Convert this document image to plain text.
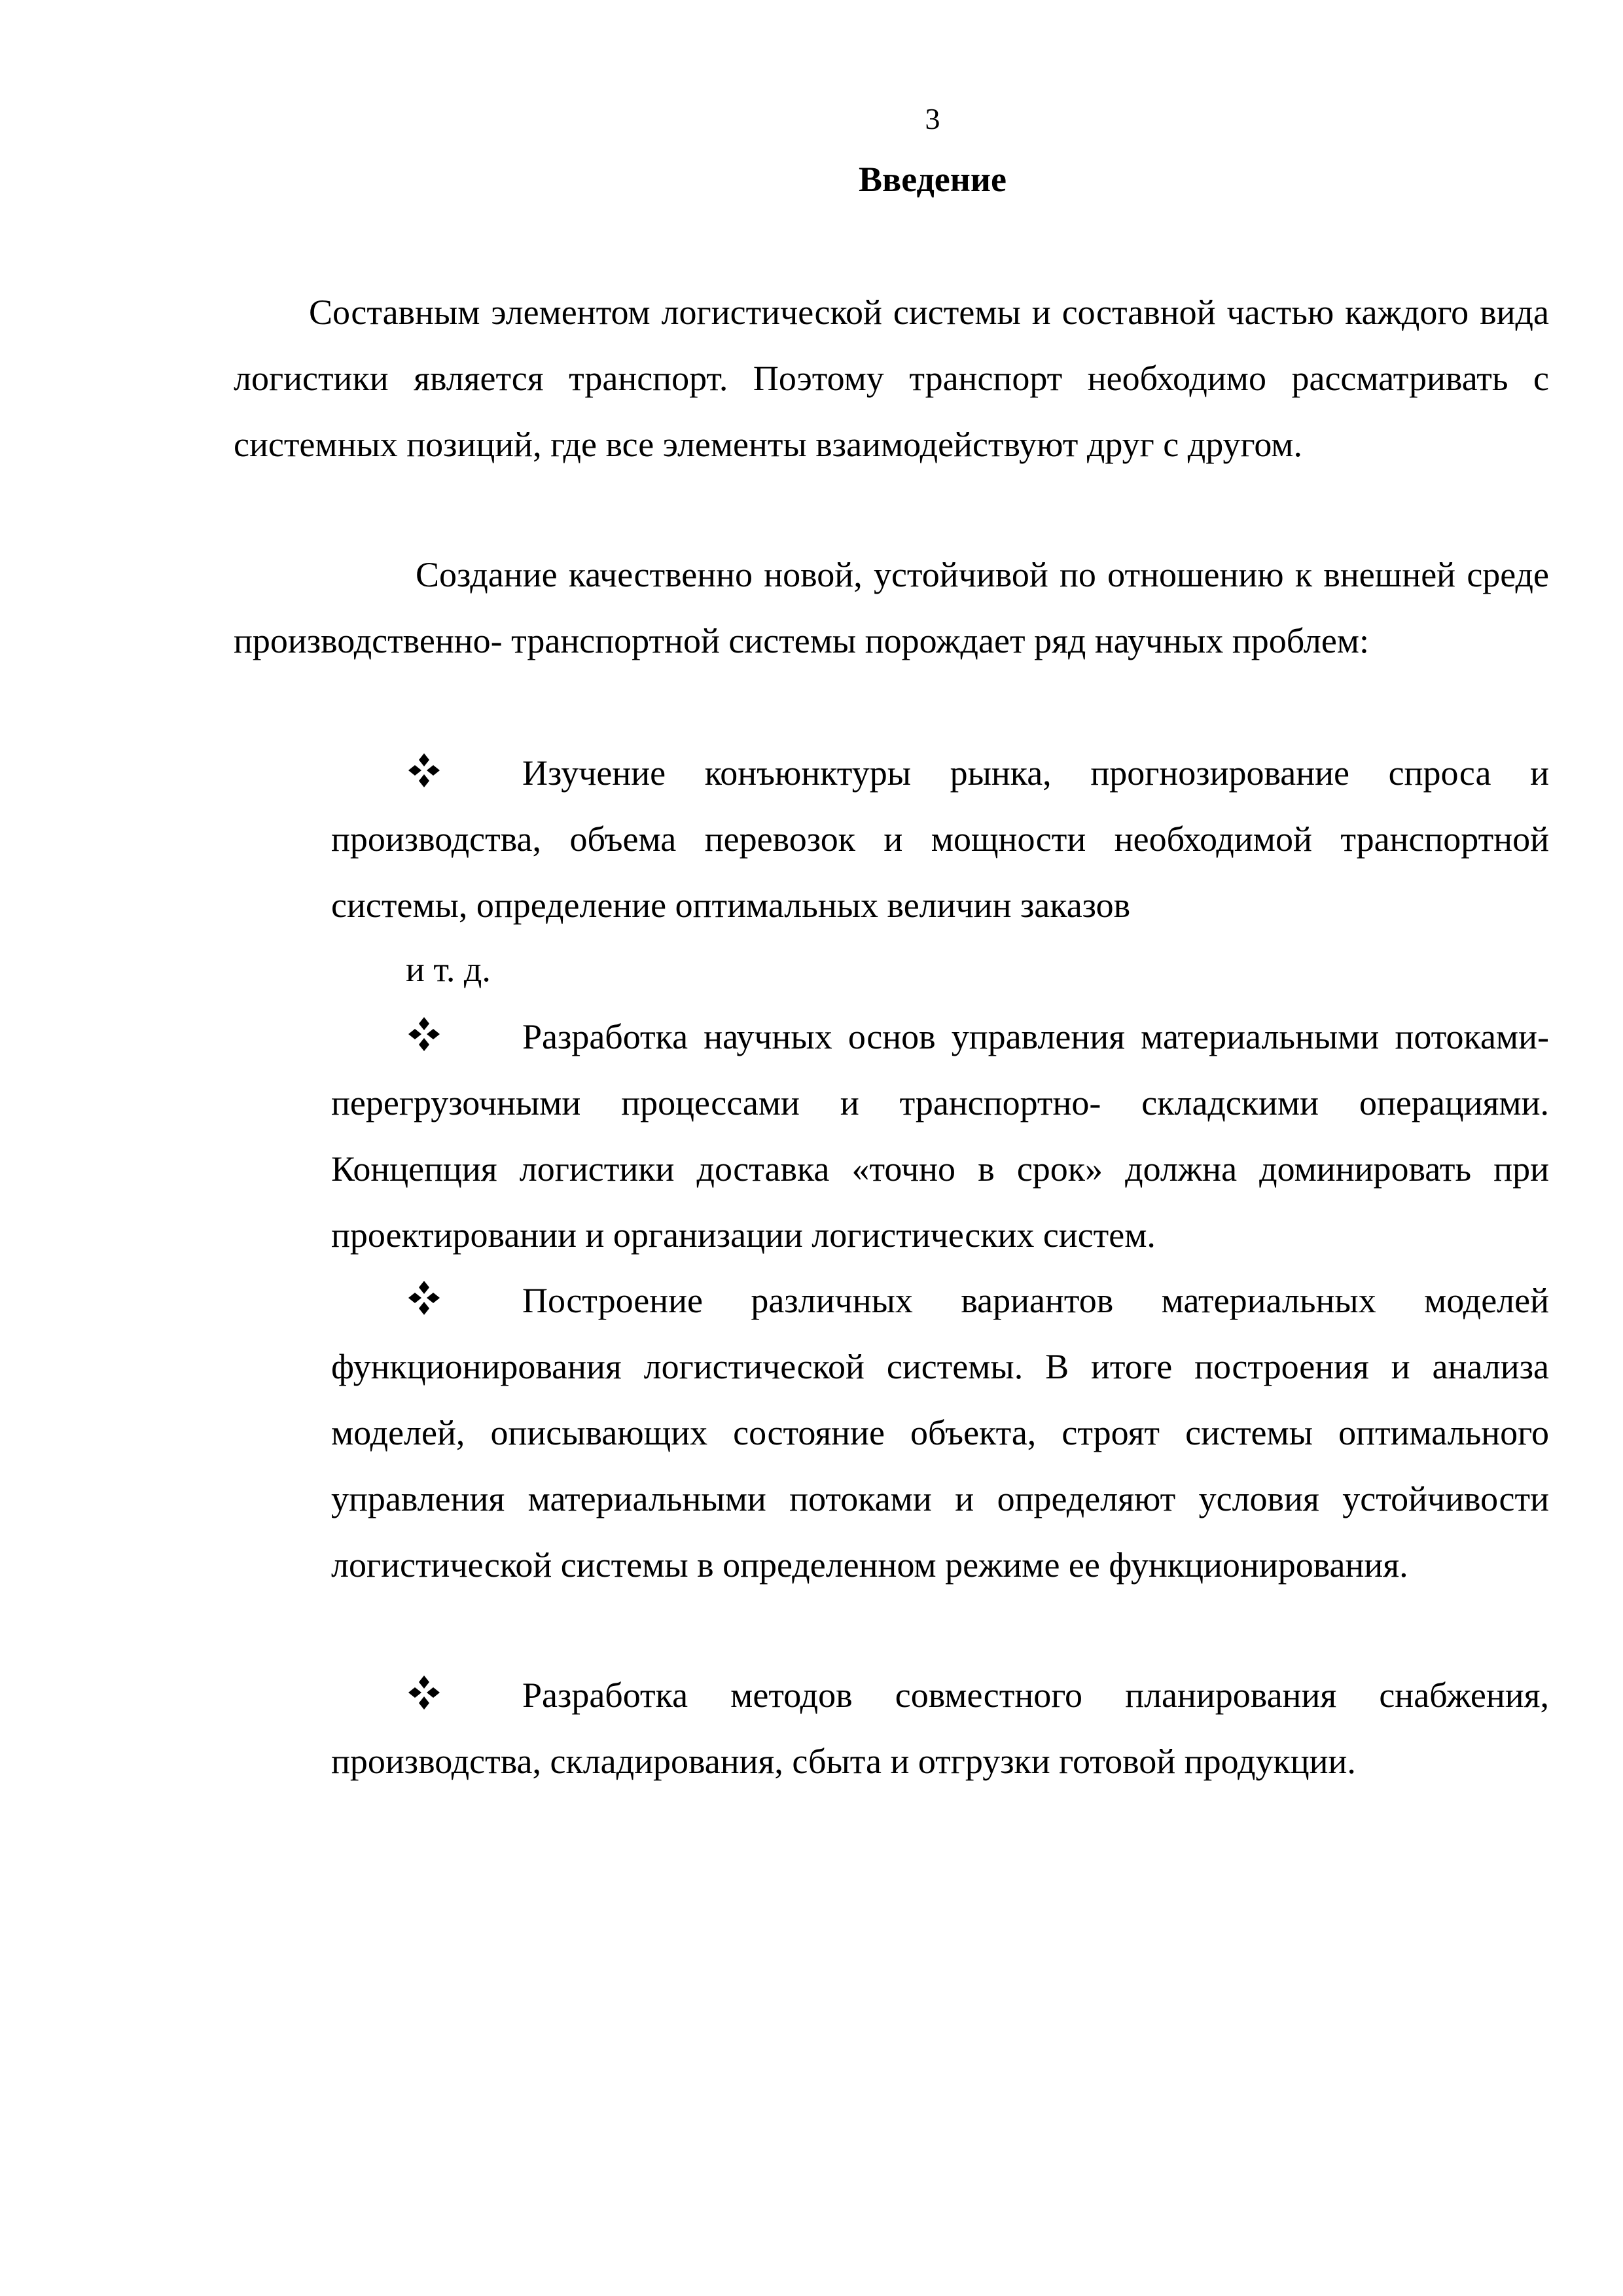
3
Введение

Составным элементом логистической системы и составной частью каждого вида логистики является транспорт. Поэтому транспорт необходимо рассматривать с системных позиций, где все элементы взаимодействуют друг с другом.

Создание качественно новой, устойчивой по отношению к внешней среде производственно- транспортной системы порождает ряд научных проблем:

Изучение конъюнктуры рынка, прогнозирование спроса и производства, объема перевозок и мощности необходимой транспортной системы, определение оптимальных величин заказов

и т. д.

Разработка научных основ управления материальными потоками- перегрузочными процессами и транспортно- складскими операциями. Концепция логистики доставка «точно в срок» должна доминировать при проектировании и организации логистических систем.

Построение различных вариантов материальных моделей функционирования логистической системы. В итоге построения и анализа моделей, описывающих состояние объекта, строят системы оптимального управления материальными потоками и определяют условия устойчивости логистической системы в определенном режиме ее функционирования.

Разработка методов совместного планирования снабжения, производства, складирования, сбыта и отгрузки готовой продукции.
